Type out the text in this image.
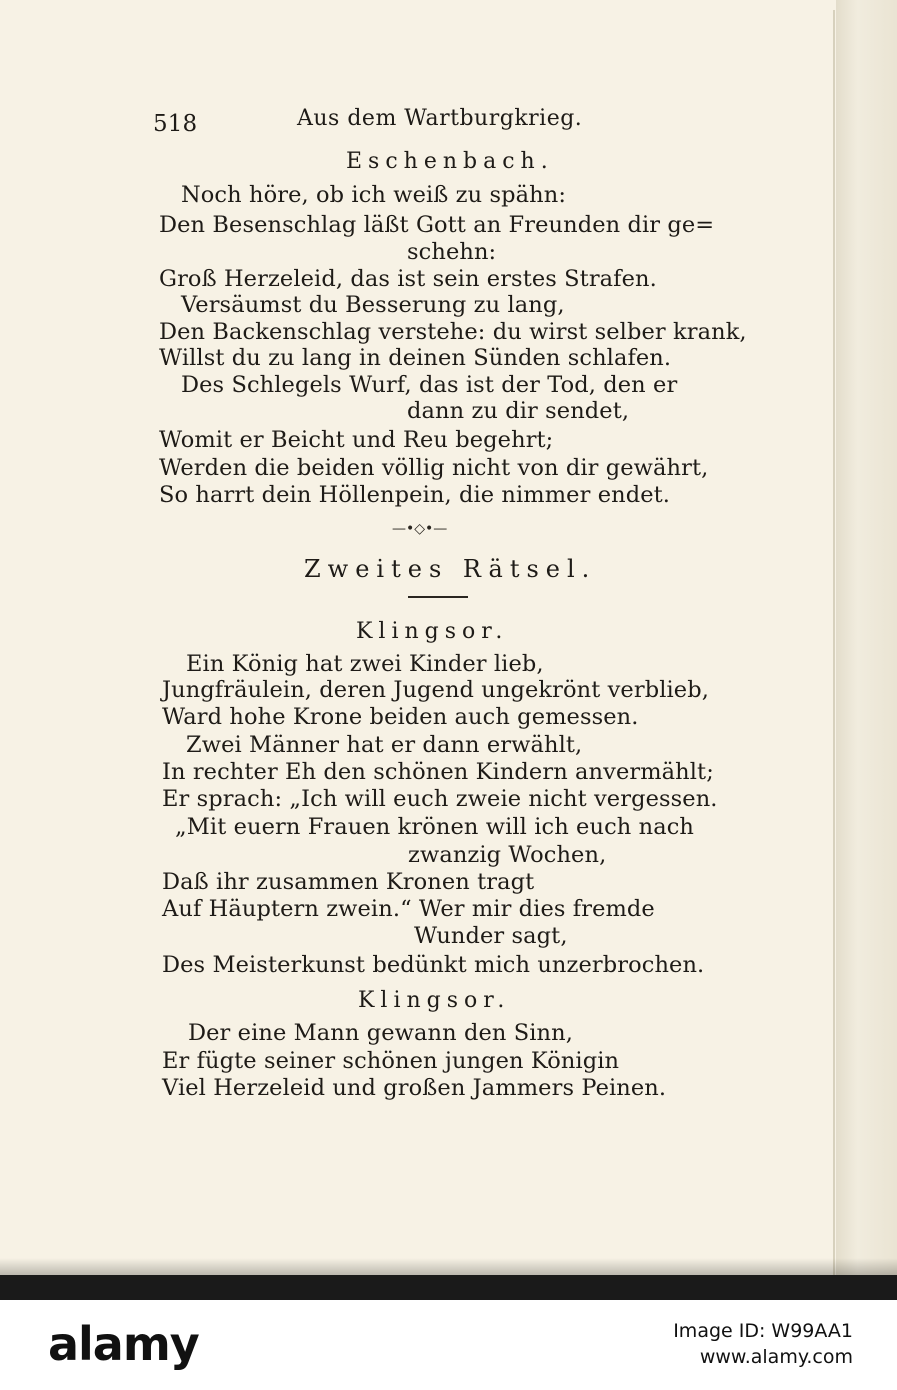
518	Aus dem Wartburgkrieg.
Eschenbach.
Noch höre, ob ich weiß zu spähn:
Den Besenschlag läßt Gott an Freunden dir ge=
schehn:
Groß Herzeleid, das ist sein erstes Strafen.
Versäumst du Besserung zu lang,
Den Backenschlag verstehe: du wirst selber krank,
Willst du zu lang in deinen Sünden schlafen.
Des Schlegels Wurf, das ist der Tod, den er
dann zu dir sendet,
Womit er Beicht und Reu begehrt;
Werden die beiden völlig nicht von dir gewährt,
So harrt dein Höllenpein, die nimmer endet.
—•◇•—
Zweites Rätsel.
Klingsor.
Ein König hat zwei Kinder lieb,
Jungfräulein, deren Jugend ungekrönt verblieb,
Ward hohe Krone beiden auch gemessen.
Zwei Männer hat er dann erwählt,
In rechter Eh den schönen Kindern anvermählt;
Er sprach: „Ich will euch zweie nicht vergessen.
„Mit euern Frauen krönen will ich euch nach
zwanzig Wochen,
Daß ihr zusammen Kronen tragt
Auf Häuptern zwein.“ Wer mir dies fremde
Wunder sagt,
Des Meisterkunst bedünkt mich unzerbrochen.
Klingsor.
Der eine Mann gewann den Sinn,
Er fügte seiner schönen jungen Königin
Viel Herzeleid und großen Jammers Peinen.
alamy	Image ID: W99AA1
www.alamy.com
